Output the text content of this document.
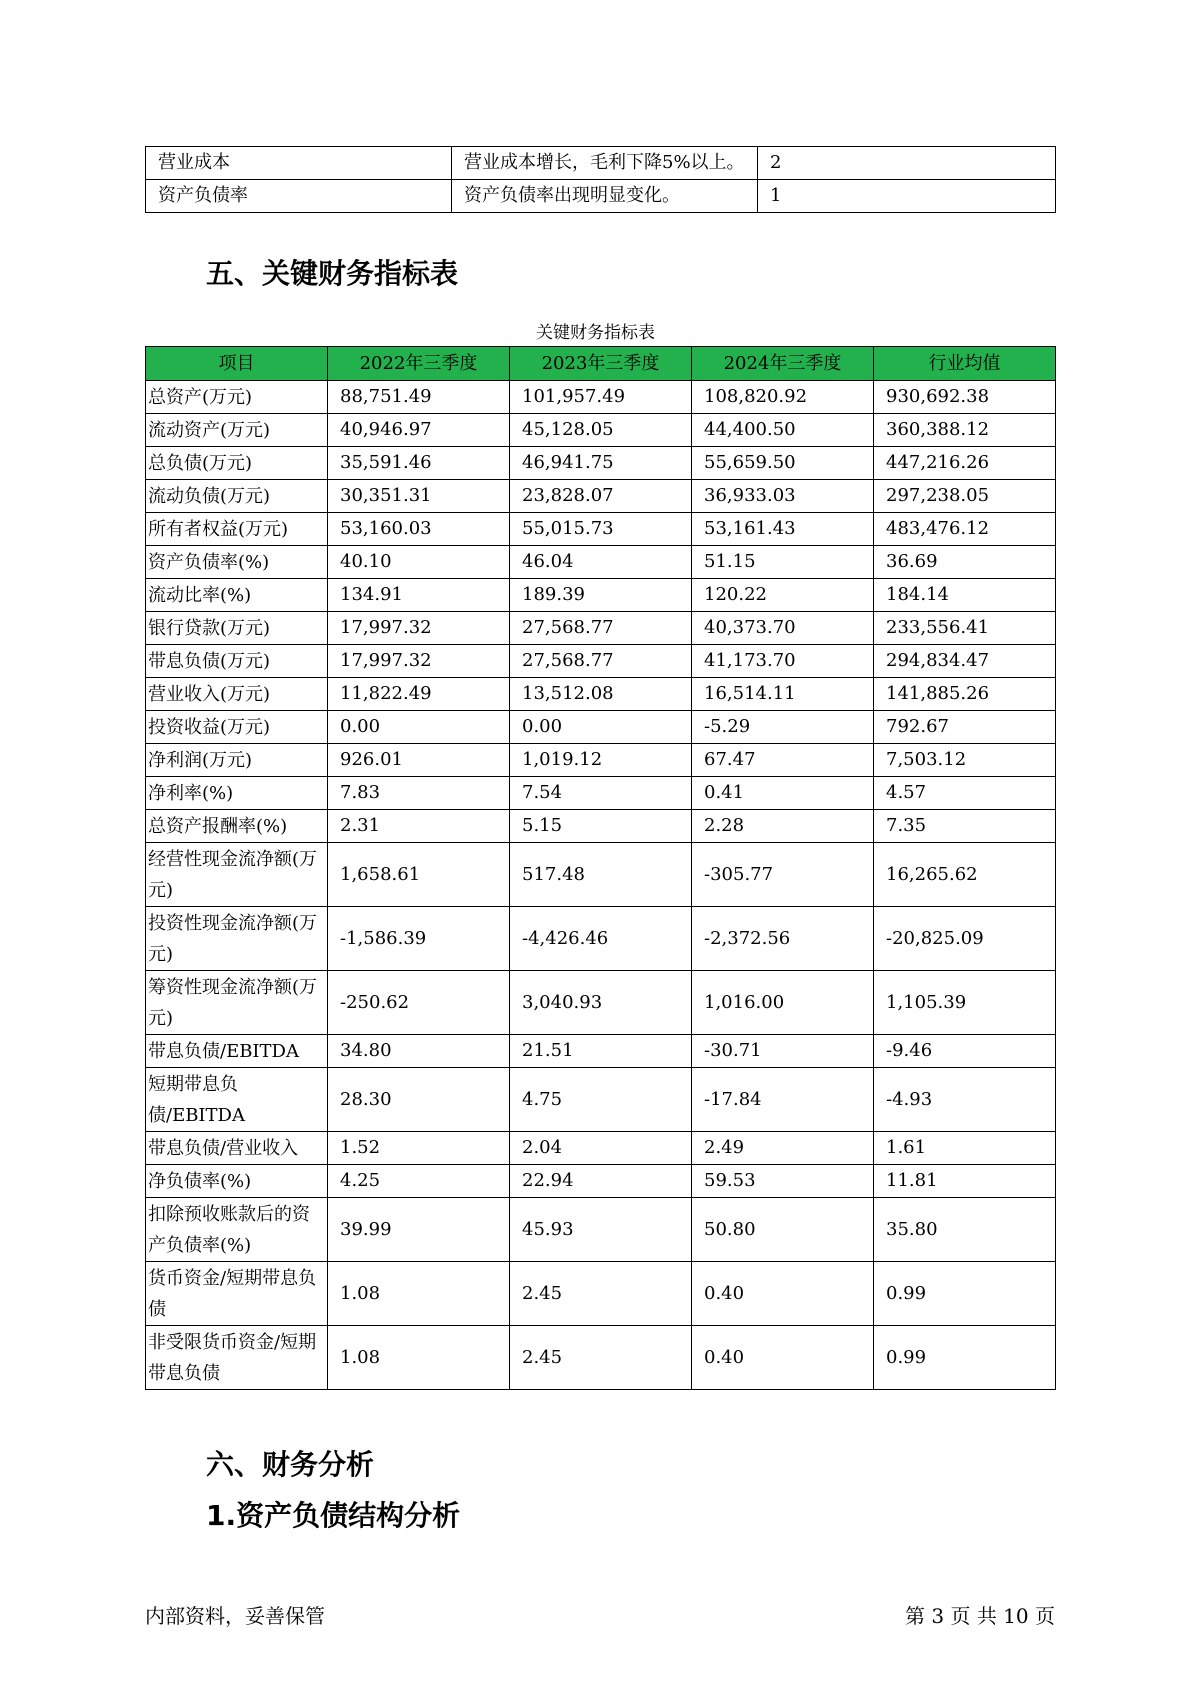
营业成本	营业成本增长，毛利下降5%以上。	2
资产负债率	资产负债率出现明显变化。	1
五、关键财务指标表
关键财务指标表
项目	2022年三季度	2023年三季度	2024年三季度	行业均值
总资产(万元)	88,751.49	101,957.49	108,820.92	930,692.38
流动资产(万元)	40,946.97	45,128.05	44,400.50	360,388.12
总负债(万元)	35,591.46	46,941.75	55,659.50	447,216.26
流动负债(万元)	30,351.31	23,828.07	36,933.03	297,238.05
所有者权益(万元)	53,160.03	55,015.73	53,161.43	483,476.12
资产负债率(%)	40.10	46.04	51.15	36.69
流动比率(%)	134.91	189.39	120.22	184.14
银行贷款(万元)	17,997.32	27,568.77	40,373.70	233,556.41
带息负债(万元)	17,997.32	27,568.77	41,173.70	294,834.47
营业收入(万元)	11,822.49	13,512.08	16,514.11	141,885.26
投资收益(万元)	0.00	0.00	-5.29	792.67
净利润(万元)	926.01	1,019.12	67.47	7,503.12
净利率(%)	7.83	7.54	0.41	4.57
总资产报酬率(%)	2.31	5.15	2.28	7.35
经营性现金流净额(万元)	1,658.61	517.48	-305.77	16,265.62
投资性现金流净额(万元)	-1,586.39	-4,426.46	-2,372.56	-20,825.09
筹资性现金流净额(万元)	-250.62	3,040.93	1,016.00	1,105.39
带息负债/EBITDA	34.80	21.51	-30.71	-9.46
短期带息负债/EBITDA	28.30	4.75	-17.84	-4.93
带息负债/营业收入	1.52	2.04	2.49	1.61
净负债率(%)	4.25	22.94	59.53	11.81
扣除预收账款后的资产负债率(%)	39.99	45.93	50.80	35.80
货币资金/短期带息负债	1.08	2.45	0.40	0.99
非受限货币资金/短期带息负债	1.08	2.45	0.40	0.99
六、财务分析
1.资产负债结构分析
内部资料，妥善保管	第 3 页 共 10 页
